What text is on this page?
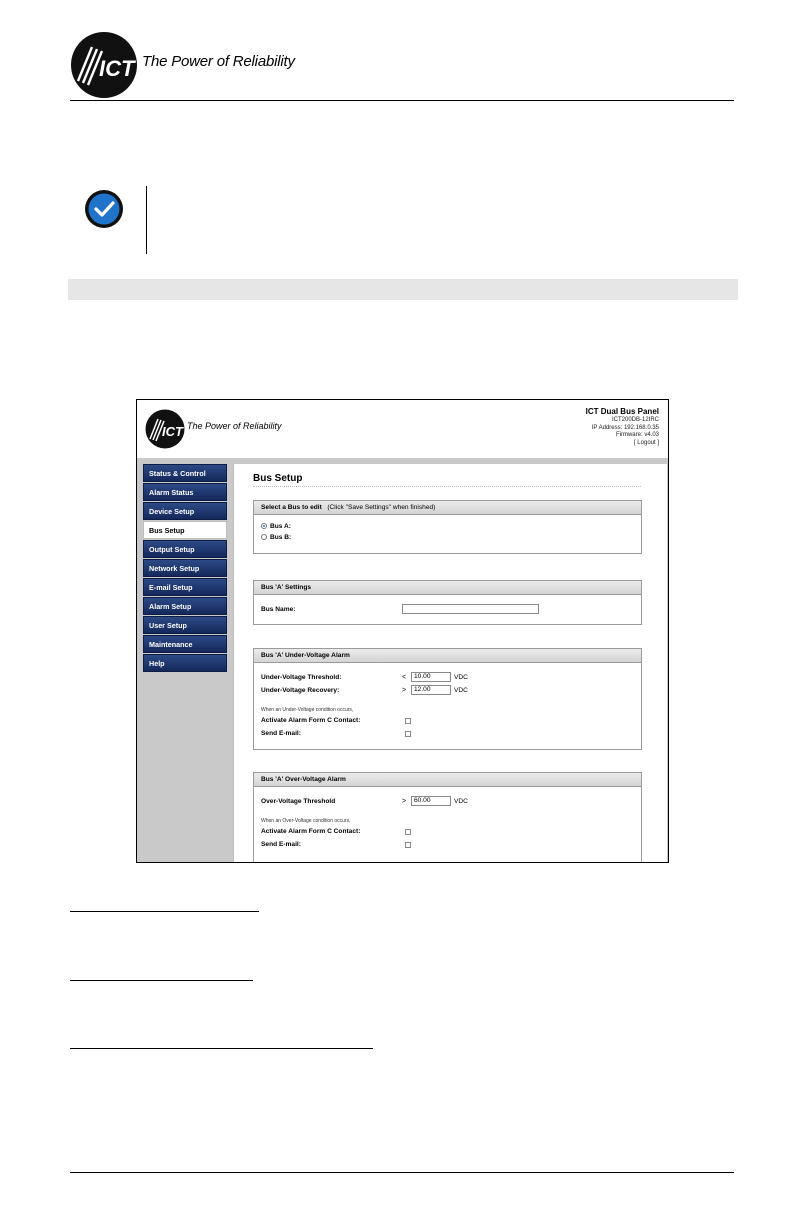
ICT The Power of Reliability
ICT The Power of Reliability
ICT Dual Bus Panel
ICT200DB-12IRC
IP Address: 192.168.0.35
Firmware: v4.03
[ Logout ]
Status & Control
Alarm Status
Device Setup
Bus Setup
Output Setup
Network Setup
E-mail Setup
Alarm Setup
User Setup
Maintenance
Help
Bus Setup
Select a Bus to edit (Click "Save Settings" when finished)
Bus A:
Bus B:
Bus 'A' Settings
Bus Name:
Bus 'A' Under-Voltage Alarm
Under-Voltage Threshold:	<	10.00	VDC
Under-Voltage Recovery:	>	12.00	VDC
When an Under-Voltage condition occurs,
Activate Alarm Form C Contact:
Send E-mail:
Bus 'A' Over-Voltage Alarm
Over-Voltage Threshold	>	60.00	VDC
When an Over-Voltage condition occurs,
Activate Alarm Form C Contact:
Send E-mail:
